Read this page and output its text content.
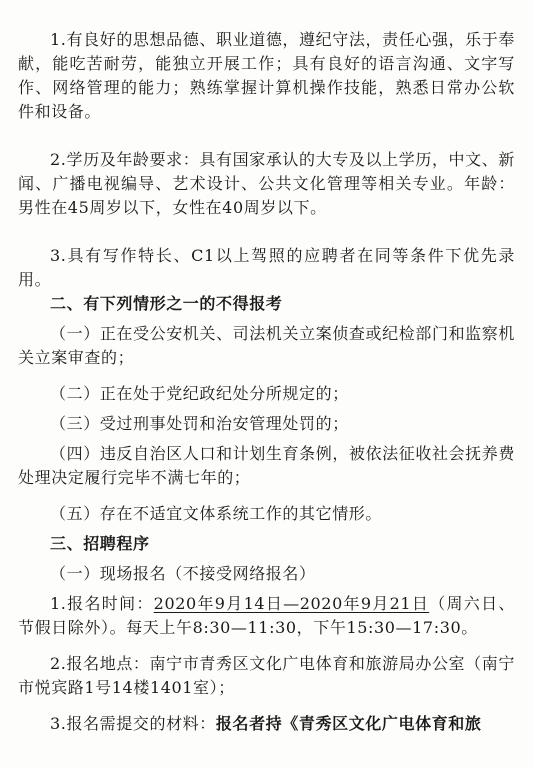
1.有良好的思想品德、职业道德，遵纪守法，责任心强，乐于奉献，能吃苦耐劳，能独立开展工作；具有良好的语言沟通、文字写作、网络管理的能力；熟练掌握计算机操作技能，熟悉日常办公软件和设备。

2.学历及年龄要求：具有国家承认的大专及以上学历，中文、新闻、广播电视编导、艺术设计、公共文化管理等相关专业。年龄：男性在45周岁以下，女性在40周岁以下。

3.具有写作特长、C1以上驾照的应聘者在同等条件下优先录用。

二、有下列情形之一的不得报考

（一）正在受公安机关、司法机关立案侦查或纪检部门和监察机关立案审查的；

（二）正在处于党纪政纪处分所规定的；

（三）受过刑事处罚和治安管理处罚的；

（四）违反自治区人口和计划生育条例，被依法征收社会抚养费处理决定履行完毕不满七年的；

（五）存在不适宜文体系统工作的其它情形。

三、招聘程序

（一）现场报名（不接受网络报名）

1.报名时间：2020年9月14日—2020年9月21日（周六日、节假日除外）。每天上午8:30—11:30，下午15:30—17:30。

2.报名地点：南宁市青秀区文化广电体育和旅游局办公室（南宁市悦宾路1号14楼1401室）；

3.报名需提交的材料：报名者持《青秀区文化广电体育和旅
